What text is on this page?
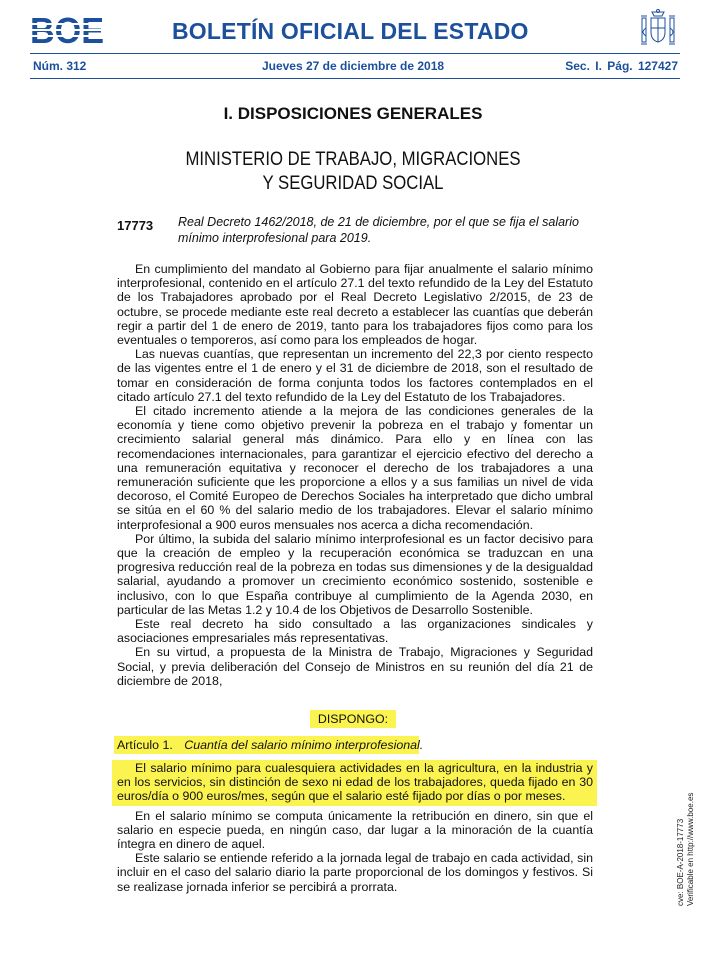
BOLETÍN OFICIAL DEL ESTADO
Núm. 312	Jueves 27 de diciembre de 2018	Sec. I. Pág. 127427
I. DISPOSICIONES GENERALES
MINISTERIO DE TRABAJO, MIGRACIONES
Y SEGURIDAD SOCIAL
17773 Real Decreto 1462/2018, de 21 de diciembre, por el que se fija el salario mínimo interprofesional para 2019.

En cumplimiento del mandato al Gobierno para fijar anualmente el salario mínimo interprofesional, contenido en el artículo 27.1 del texto refundido de la Ley del Estatuto de los Trabajadores aprobado por el Real Decreto Legislativo 2/2015, de 23 de octubre, se procede mediante este real decreto a establecer las cuantías que deberán regir a partir del 1 de enero de 2019, tanto para los trabajadores fijos como para los eventuales o temporeros, así como para los empleados de hogar.

Las nuevas cuantías, que representan un incremento del 22,3 por ciento respecto de las vigentes entre el 1 de enero y el 31 de diciembre de 2018, son el resultado de tomar en consideración de forma conjunta todos los factores contemplados en el citado artículo 27.1 del texto refundido de la Ley del Estatuto de los Trabajadores.

El citado incremento atiende a la mejora de las condiciones generales de la economía y tiene como objetivo prevenir la pobreza en el trabajo y fomentar un crecimiento salarial general más dinámico. Para ello y en línea con las recomendaciones internacionales, para garantizar el ejercicio efectivo del derecho a una remuneración equitativa y reconocer el derecho de los trabajadores a una remuneración suficiente que les proporcione a ellos y a sus familias un nivel de vida decoroso, el Comité Europeo de Derechos Sociales ha interpretado que dicho umbral se sitúa en el 60 % del salario medio de los trabajadores. Elevar el salario mínimo interprofesional a 900 euros mensuales nos acerca a dicha recomendación.

Por último, la subida del salario mínimo interprofesional es un factor decisivo para que la creación de empleo y la recuperación económica se traduzcan en una progresiva reducción real de la pobreza en todas sus dimensiones y de la desigualdad salarial, ayudando a promover un crecimiento económico sostenido, sostenible e inclusivo, con lo que España contribuye al cumplimiento de la Agenda 2030, en particular de las Metas 1.2 y 10.4 de los Objetivos de Desarrollo Sostenible.

Este real decreto ha sido consultado a las organizaciones sindicales y asociaciones empresariales más representativas.

En su virtud, a propuesta de la Ministra de Trabajo, Migraciones y Seguridad Social, y previa deliberación del Consejo de Ministros en su reunión del día 21 de diciembre de 2018,

DISPONGO:
Artículo 1. Cuantía del salario mínimo interprofesional.

El salario mínimo para cualesquiera actividades en la agricultura, en la industria y en los servicios, sin distinción de sexo ni edad de los trabajadores, queda fijado en 30 euros/día o 900 euros/mes, según que el salario esté fijado por días o por meses.

En el salario mínimo se computa únicamente la retribución en dinero, sin que el salario en especie pueda, en ningún caso, dar lugar a la minoración de la cuantía íntegra en dinero de aquel.

Este salario se entiende referido a la jornada legal de trabajo en cada actividad, sin incluir en el caso del salario diario la parte proporcional de los domingos y festivos. Si se realizase jornada inferior se percibirá a prorrata.	cve: BOE-A-2018-17773 Verificable en http://www.boe.es
